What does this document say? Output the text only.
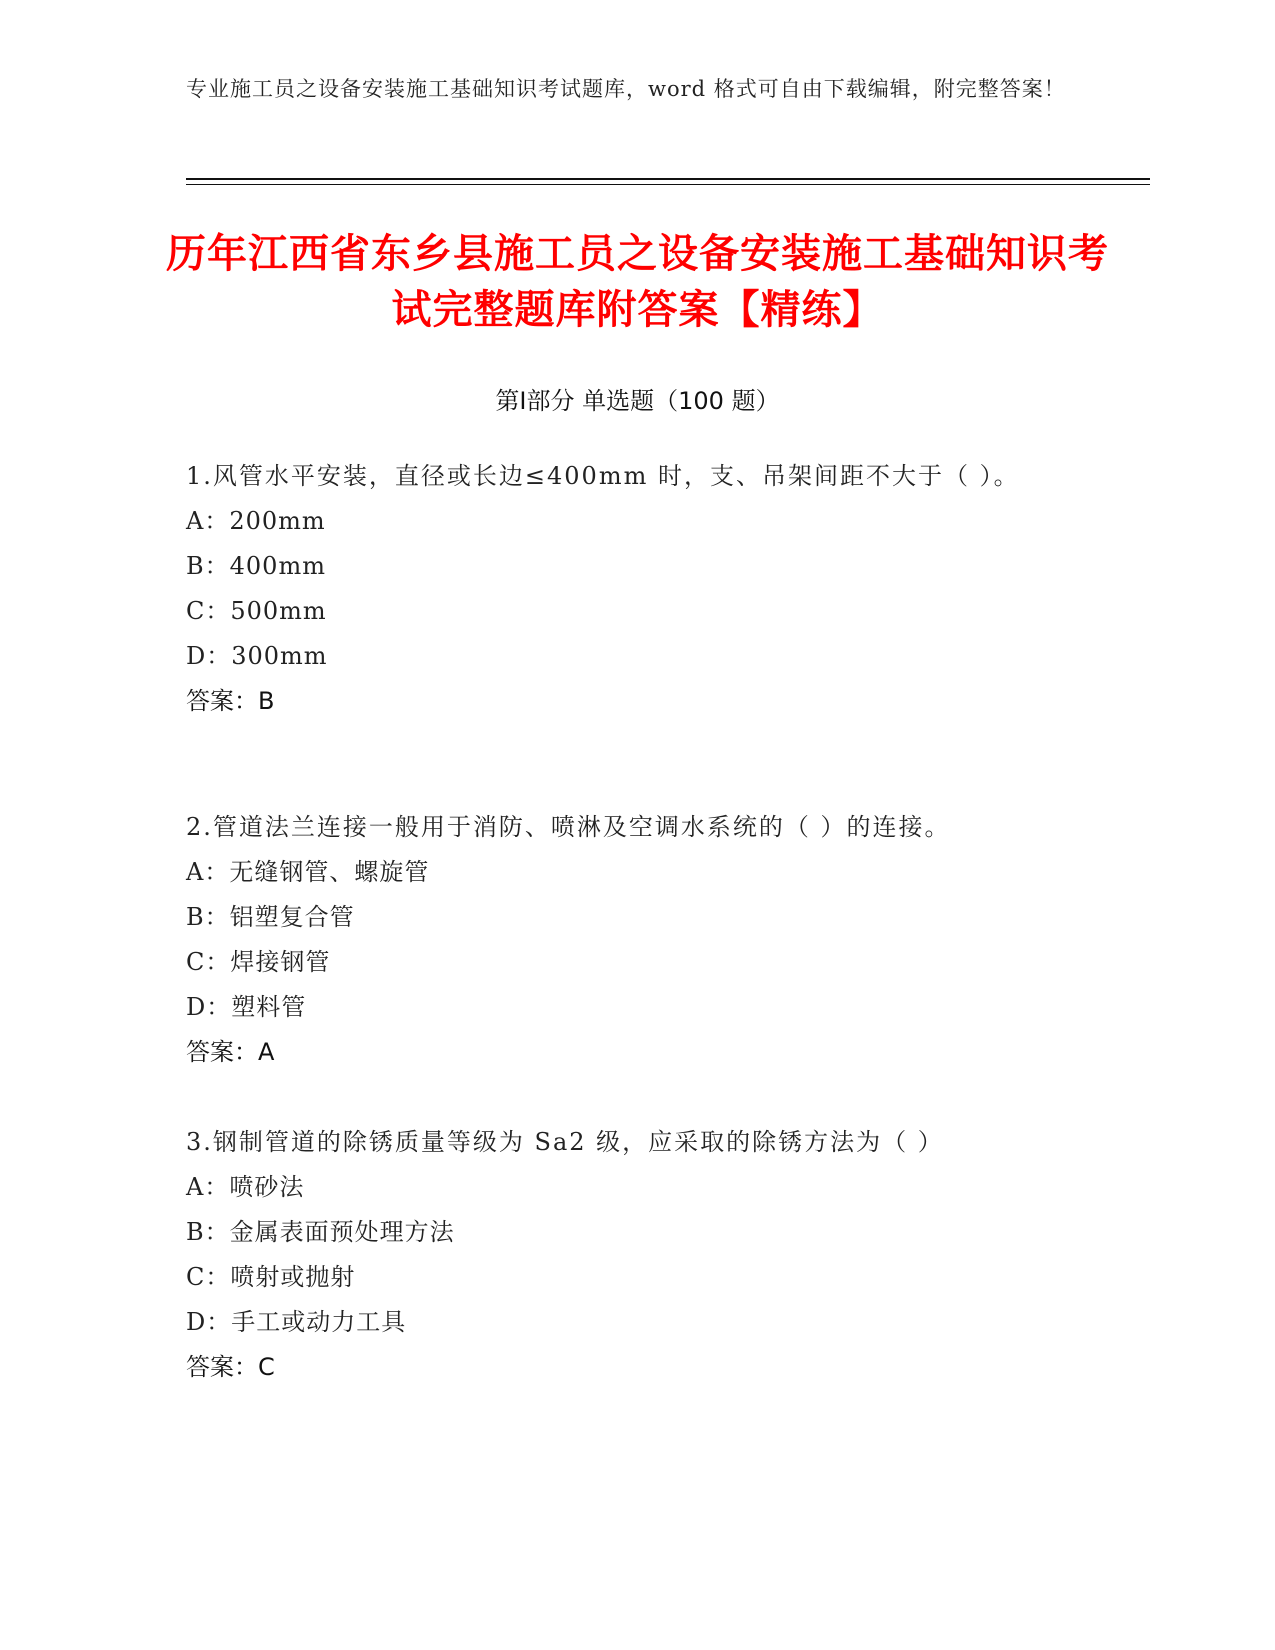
专业施工员之设备安装施工基础知识考试题库，word 格式可自由下载编辑，附完整答案！
历年江西省东乡县施工员之设备安装施工基础知识考试完整题库附答案【精练】
第Ⅰ部分 单选题（100 题）
1.风管水平安装，直径或长边≤400mm 时，支、吊架间距不大于（ ）。
A：200mm
B：400mm
C：500mm
D：300mm
答案：B
2.管道法兰连接一般用于消防、喷淋及空调水系统的（ ）的连接。
A：无缝钢管、螺旋管
B：铝塑复合管
C：焊接钢管
D：塑料管
答案：A
3.钢制管道的除锈质量等级为 Sa2 级，应采取的除锈方法为（ ）
A：喷砂法
B：金属表面预处理方法
C：喷射或抛射
D：手工或动力工具
答案：C
